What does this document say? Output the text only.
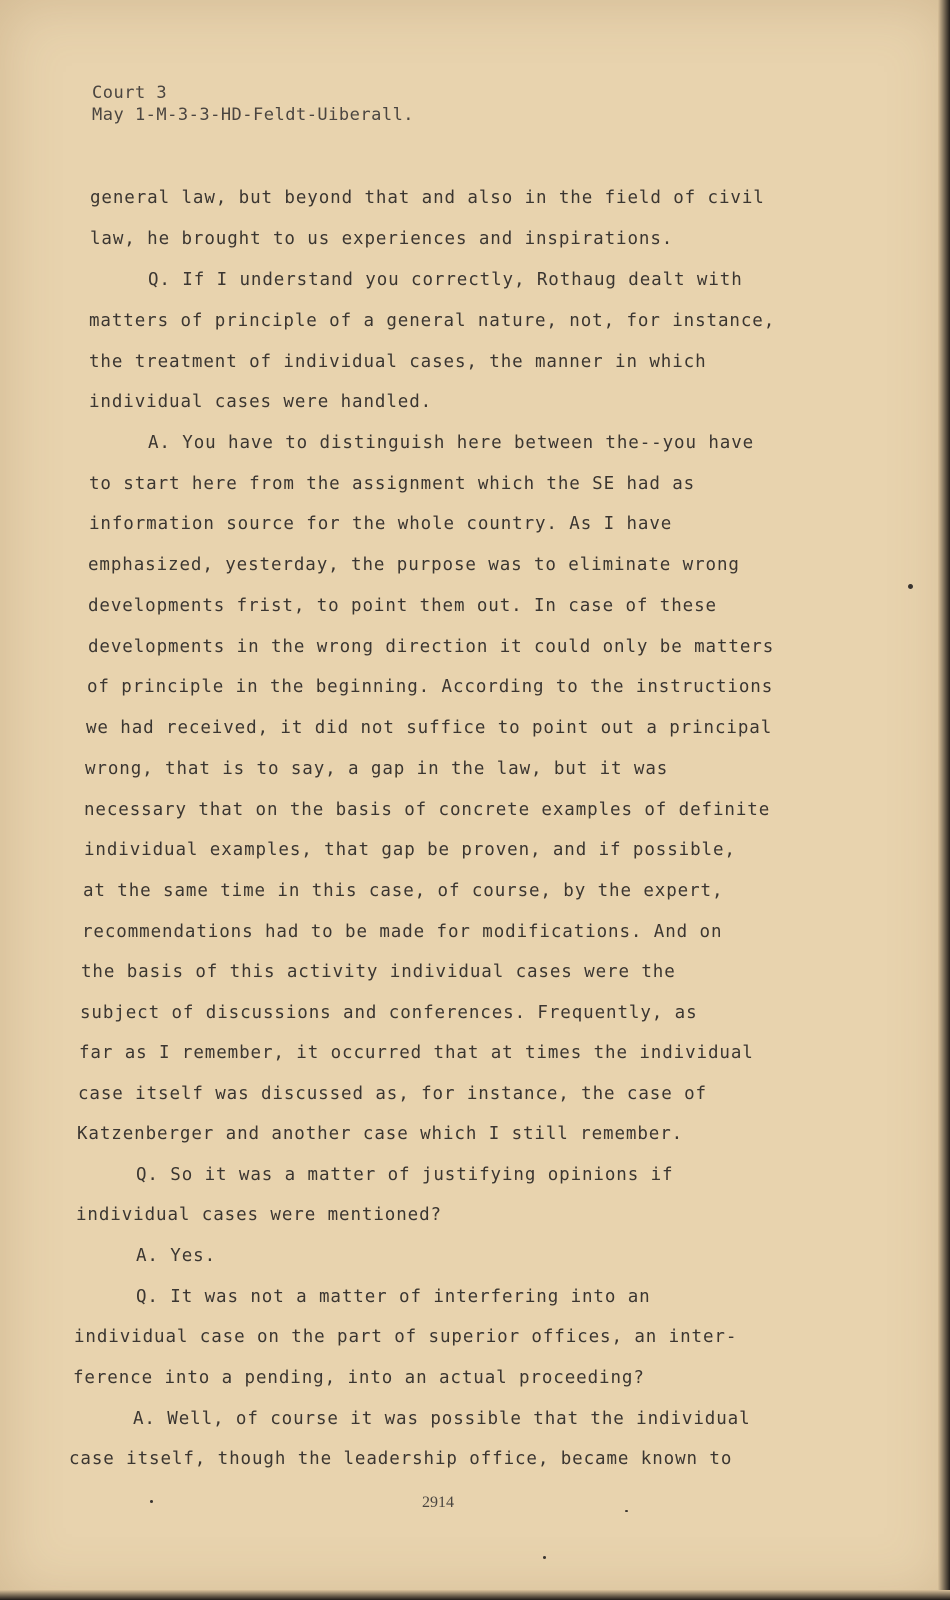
Court 3
May 1-M-3-3-HD-Feldt-Uiberall.
general law, but beyond that and also in the field of civil
law, he brought to us experiences and inspirations.
Q. If I understand you correctly, Rothaug dealt with
matters of principle of a general nature, not, for instance,
the treatment of individual cases, the manner in which
individual cases were handled.
A. You have to distinguish here between the--you have
to start here from the assignment which the SE had as
information source for the whole country. As I have
emphasized, yesterday, the purpose was to eliminate wrong
developments frist, to point them out. In case of these
developments in the wrong direction it could only be matters
of principle in the beginning. According to the instructions
we had received, it did not suffice to point out a principal
wrong, that is to say, a gap in the law, but it was
necessary that on the basis of concrete examples of definite
individual examples, that gap be proven, and if possible,
at the same time in this case, of course, by the expert,
recommendations had to be made for modifications. And on
the basis of this activity individual cases were the
subject of discussions and conferences. Frequently, as
far as I remember, it occurred that at times the individual
case itself was discussed as, for instance, the case of
Katzenberger and another case which I still remember.
Q. So it was a matter of justifying opinions if
individual cases were mentioned?
A. Yes.
Q. It was not a matter of interfering into an
individual case on the part of superior offices, an inter-
ference into a pending, into an actual proceeding?
A. Well, of course it was possible that the individual
case itself, though the leadership office, became known to
2914
